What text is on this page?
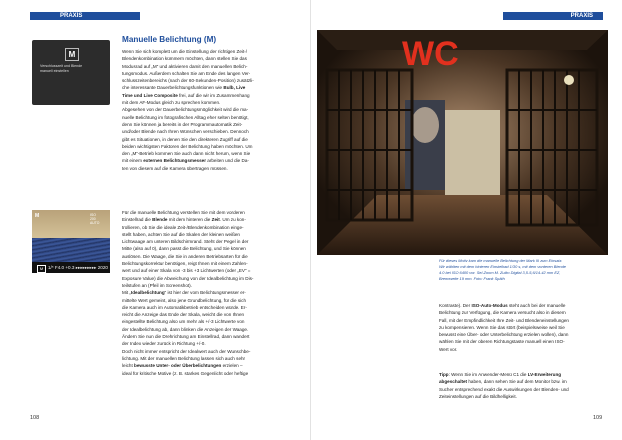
PRAXIS
M
Verschlusszeit und Blende
manuell einstellen
Manuelle Belichtung (M)
Wenn Sie sich komplett um die Einstellung der richtigen Zeit-/
Blendenkombination kümmern möchten, dann stellen Sie das
Modusrad auf „M“ und aktivieren damit den manuellen Belich-
tungsmodus. Außerdem schalten Sie am Ende des langen Ver-
schlusszeitenbereichs (nach der 60-Sekunden-Position) zusätzli-
che interessante Dauerbelichtungsfunktionen wie Bulb, Live
Time und Live Composite frei, auf die wir im Zusammenhang
mit dem AF-Modus gleich zu sprechen kommen.
Abgesehen von der Dauerbelichtungsmöglichkeit wird die ma-
nuelle Belichtung im fotografischen Alltag eher selten benötigt,
denn Sie können ja bereits in der Programmautomatik Zeit-
und/oder Blende nach Ihren Wünschen verschieben. Dennoch
gibt es Situationen, in denen Sie den direkteren Zugriff auf die
beiden wichtigsten Faktoren der Belichtung haben möchten. Um
den „M“-Betrieb kommen Sie auch dann nicht herum, wenn Sie
mit einem externen Belichtungsmesser arbeiten und die Da-
ten von diesem auf die Kamera übertragen müssen.
M	ISO
200
AUTO
1/* F4.0 +0.3 ▸▸▸▸▸▸▸▸▸ 2020
M
Für die manuelle Belichtung verstellen Sie mit dem vorderen
Einstellrad die Blende mit dem hinteren die Zeit. Um zu kon-
trollieren, ob Sie die ideale Zeit-/Blendenkombination einge-
stellt haben, achten Sie auf die Skalen der kleinen weißen
Lichtwaage am unteren Bildschirmrand. Steht der Pegel in der
Mitte (also auf 0), dann passt die Belichtung, und Sie können
auslösen. Die Waage, die Sie in anderen Betriebsarten für die
Belichtungskorrektur benötigen, reigt Ihnen mit einem Zahlen-
wert und auf einer Skala von -3 bis +3 Lichtwerten (oder „EV“ =
Exposure Value) die Abweichung von der Idealbelichtung im Dis-
teilstufen an (Pfeil im Screenshot).
Mit „Idealbelichtung“ ist hier der vom Belichtungsmesser er-
mittelte Wert gemeint, also jene Grundbelichtung, für die sich
die Kamera auch im Automatikbetrieb entscheiden würde. Er-
reicht die Anzeige das Ende der Skala, weicht die von Ihnen
eingestellte Belichtung also um mehr als +/-3 Lichtwerte von
der Idealbelichtung ab, dann blinken die Anzeigen der Waage.
Ändern Sie nun die Drehrichtung am Einstellrad, dann wandert
der Index wieder zurück in Richtung +/-0.
Doch nicht immer entspricht der Idealwert auch der Wunschbe-
lichtung. Mit der manuellen Belichtung lassen sich auch sehr
leicht bewusste Unter- oder Überbelichtungen erzielen –
ideal für kritische Motive (z. B. starkes Gegenlicht oder heftige
108
PRAXIS
WC
Für dieses Motiv kam die manuelle Belichtung der Mark III zum Einsatz.
Wir wählten mit dem hinteren Einstellrad 1/30 s, mit dem vorderen Blende
4.0 bei ISO 6400 vor. Sel-Zoom M. Zuiko Digital 3,5-5,6/14-42 mm EZ,
Brennweite 19 mm. Foto: Frank Späth
Kontraste). Der ISO-Auto-Modus steht auch bei der manuelle
Belichtung zur Verfügung, die Kamera versucht also in diesem
Fall, mit der Empfindlichkeit Ihre Zeit- und Blendeneinstellungen
zu kompensieren. Wenn Sie das stört (beispielsweise weil Sie
bewusst eine Über- oder Unterbelichtung erzielen wollen), dann
wählen Sie mit der oberen Richtungstaste manuell einen ISO-
Wert vor.
Tipp: Wenn Sie im Anwender-Menü C1 die LV-Erweiterung
abgeschaltet haben, dann sehen Sie auf dem Monitor bzw. im
Sucher entsprechend exakt die Auswirkungen der Blenden- und
Zeiteinstellungen auf die Bildhelligkeit.
109
